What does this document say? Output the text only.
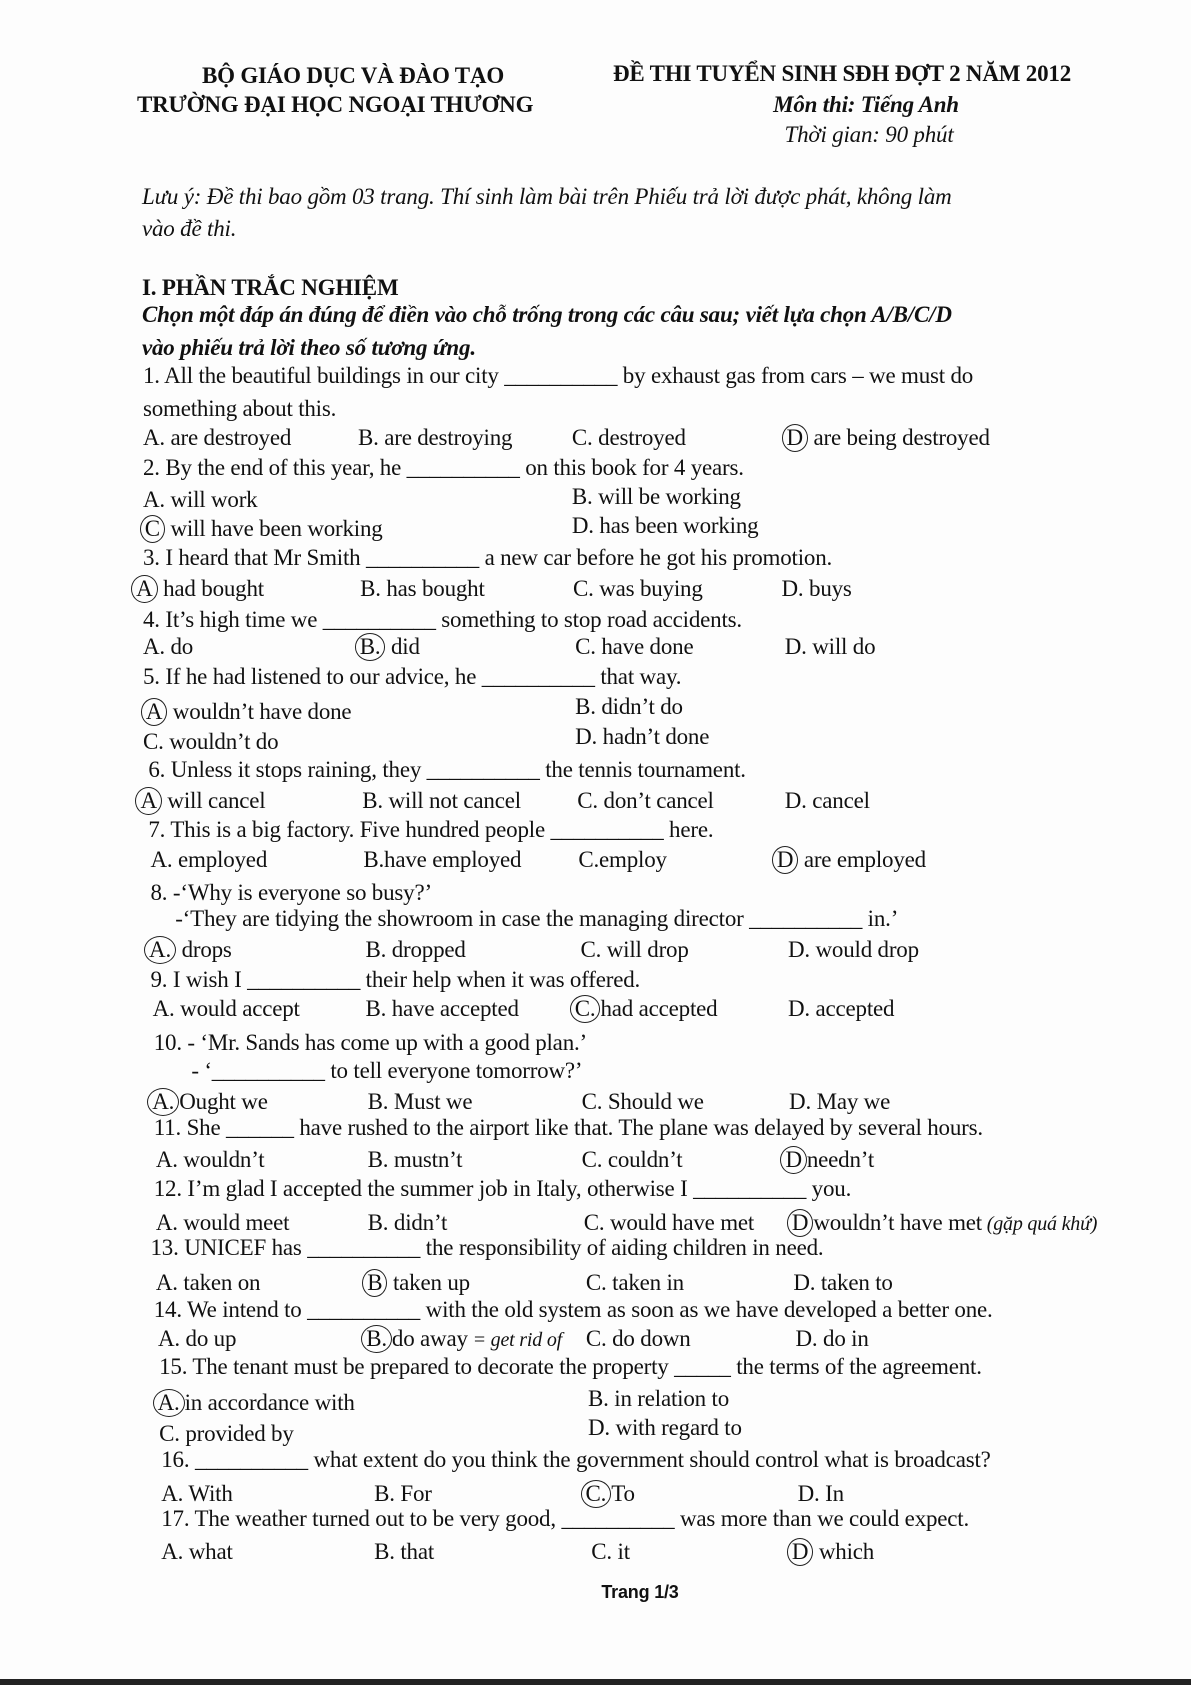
BỘ GIÁO DỤC VÀ ĐÀO TẠO
TRƯỜNG ĐẠI HỌC NGOẠI THƯƠNG
ĐỀ THI TUYỂN SINH SĐH ĐỢT 2 NĂM 2012
Môn thi: Tiếng Anh
Thời gian: 90 phút
Lưu ý: Đề thi bao gồm 03 trang. Thí sinh làm bài trên Phiếu trả lời được phát, không làm
vào đề thi.
I. PHẦN TRẮC NGHIỆM
Chọn một đáp án đúng để điền vào chỗ trống trong các câu sau; viết lựa chọn A/B/C/D
vào phiếu trả lời theo số tương ứng.
1. All the beautiful buildings in our city __________ by exhaust gas from cars – we must do
something about this.
A. are destroyed	B. are destroying	C. destroyed	D are being destroyed
2. By the end of this year, he __________ on this book for 4 years.
A. will work	B. will be working
C will have been working	D. has been working
3. I heard that Mr Smith __________ a new car before he got his promotion.
A had bought	B. has bought	C. was buying	D. buys
4. It’s high time we __________ something to stop road accidents.
A. do	B. did	C. have done	D. will do
5. If he had listened to our advice, he __________ that way.
A wouldn’t have done	B. didn’t do
C. wouldn’t do	D. hadn’t done
6. Unless it stops raining, they __________ the tennis tournament.
A will cancel	B. will not cancel C. don’t cancel	D. cancel
7. This is a big factory. Five hundred people __________ here.
A. employed	B.have employed C.employ	D are employed
8. -‘Why is everyone so busy?’
-‘They are tidying the showroom in case the managing director __________ in.’
A. drops	B. dropped	C. will drop	D. would drop
9. I wish I __________ their help when it was offered.
A. would accept	B. have accepted C. had accepted	D. accepted
10. - ‘Mr. Sands has come up with a good plan.’
- ‘__________ to tell everyone tomorrow?’
A. Ought we	B. Must we	C. Should we	D. May we
11. She ______ have rushed to the airport like that. The plane was delayed by several hours.
A. wouldn’t	B. mustn’t	C. couldn’t	D needn’t
12. I’m glad I accepted the summer job in Italy, otherwise I __________ you.
A. would meet	B. didn’t	C. would have met D wouldn’t have met (gặp quá khứ)
13. UNICEF has __________ the responsibility of aiding children in need.
A. taken on	B taken up	C. taken in	D. taken to
14. We intend to __________ with the old system as soon as we have developed a better one.
A. do up	B. do away = get rid of C. do down	D. do in
15. The tenant must be prepared to decorate the property _____ the terms of the agreement.
A. in accordance with	B. in relation to
C. provided by	D. with regard to
16. __________ what extent do you think the government should control what is broadcast?
A. With	B. For	C. To	D. In
17. The weather turned out to be very good, __________ was more than we could expect.
A. what	B. that	C. it	D which
Trang 1/3
